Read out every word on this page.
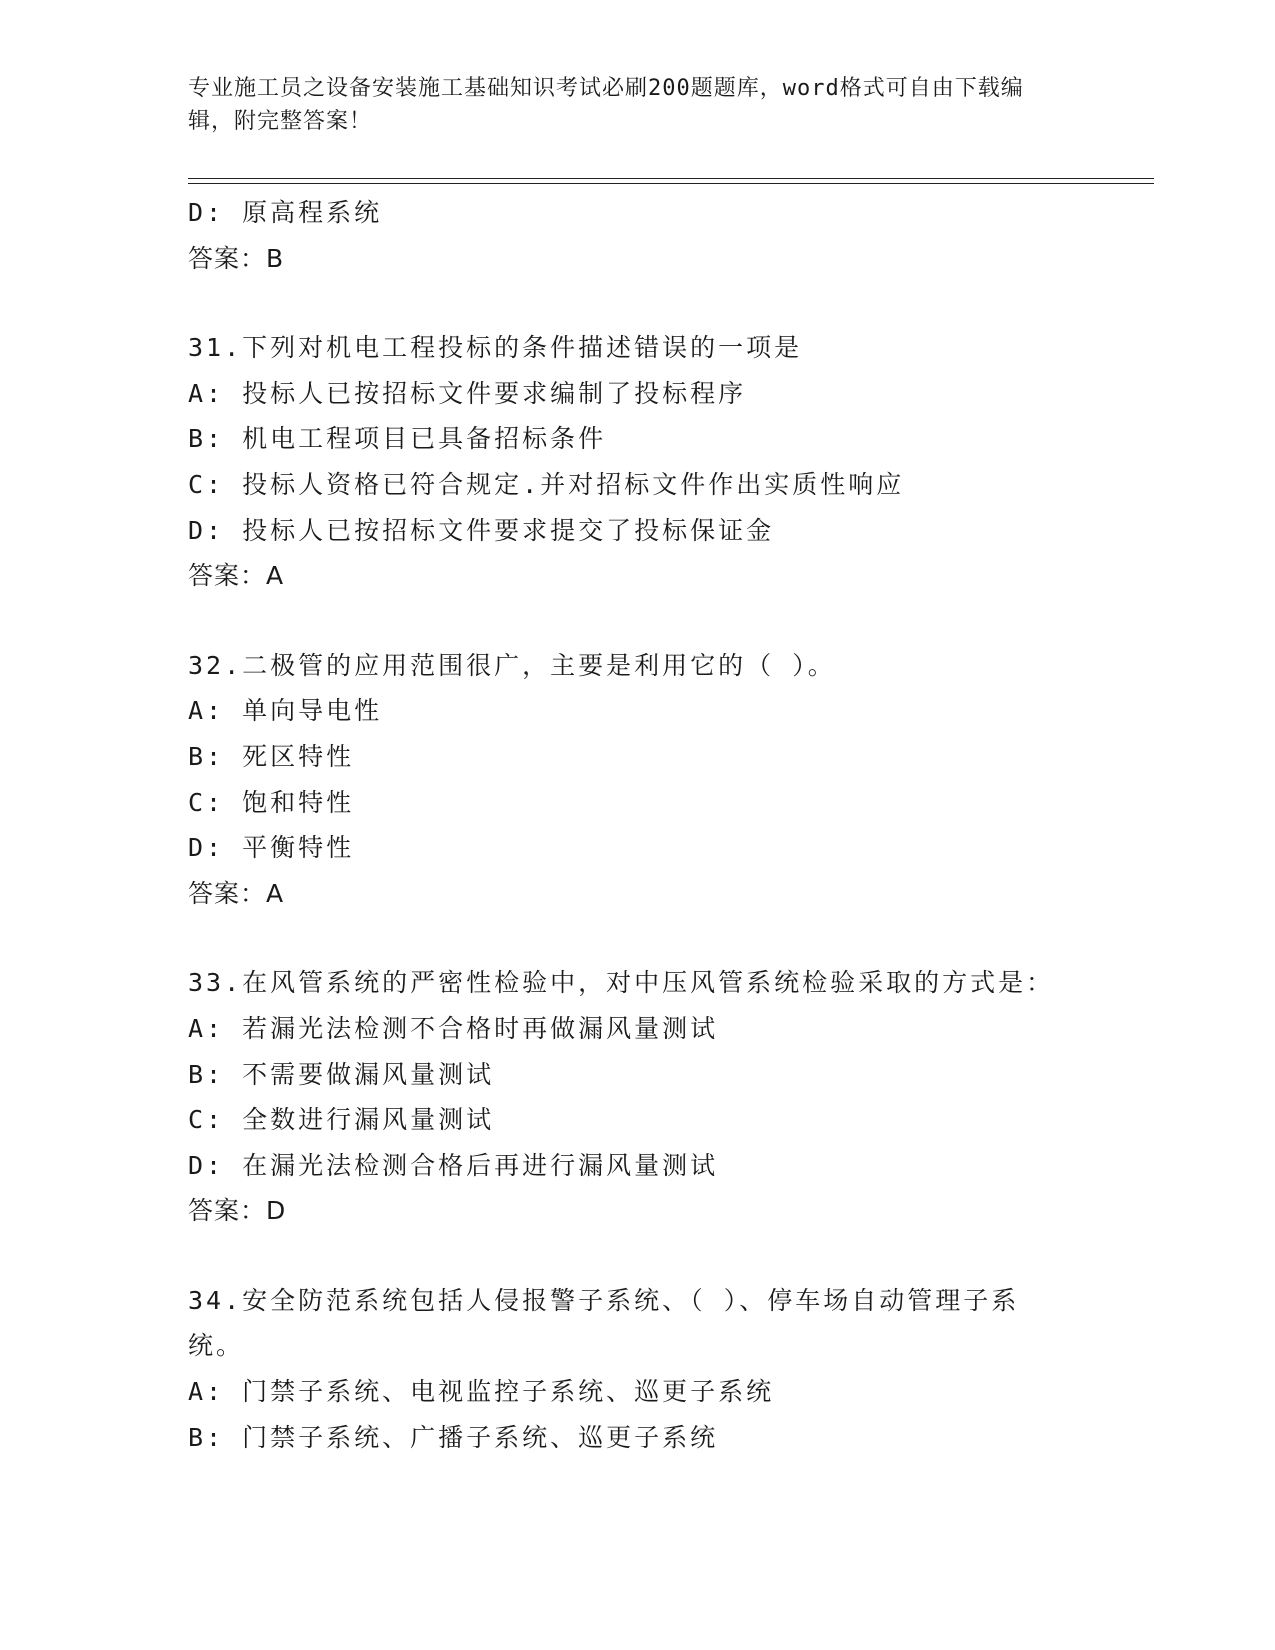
专业施工员之设备安装施工基础知识考试必刷200题题库，word格式可自由下载编辑，附完整答案！
D: 原高程系统
答案：B
31.下列对机电工程投标的条件描述错误的一项是
A: 投标人已按招标文件要求编制了投标程序
B: 机电工程项目已具备招标条件
C: 投标人资格已符合规定.并对招标文件作出实质性响应
D: 投标人已按招标文件要求提交了投标保证金
答案：A
32.二极管的应用范围很广，主要是利用它的（ ）。
A: 单向导电性
B: 死区特性
C: 饱和特性
D: 平衡特性
答案：A
33.在风管系统的严密性检验中，对中压风管系统检验采取的方式是：
A: 若漏光法检测不合格时再做漏风量测试
B: 不需要做漏风量测试
C: 全数进行漏风量测试
D: 在漏光法检测合格后再进行漏风量测试
答案：D
34.安全防范系统包括人侵报警子系统、（ ）、停车场自动管理子系统。
A: 门禁子系统、电视监控子系统、巡更子系统
B: 门禁子系统、广播子系统、巡更子系统
